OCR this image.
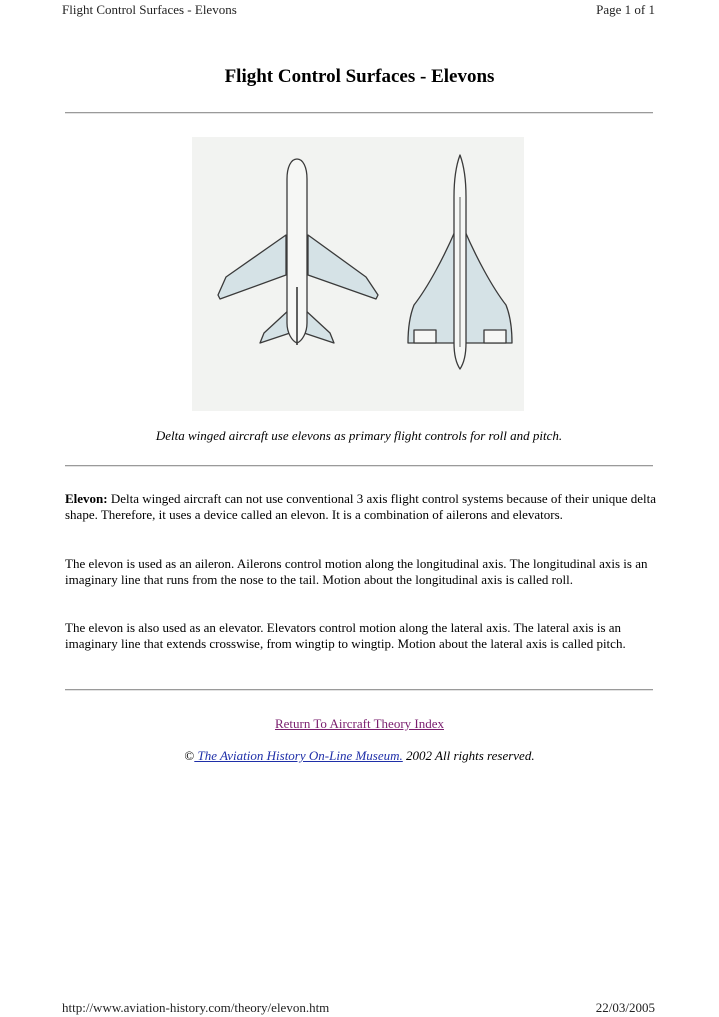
Flight Control Surfaces - Elevons	Page 1 of 1
Flight Control Surfaces - Elevons

Delta winged aircraft use elevons as primary flight controls for roll and pitch.

Elevon: Delta winged aircraft can not use conventional 3 axis flight control systems because of their unique delta shape. Therefore, it uses a device called an elevon. It is a combination of ailerons and elevators.

The elevon is used as an aileron. Ailerons control motion along the longitudinal axis. The longitudinal axis is an imaginary line that runs from the nose to the tail. Motion about the longitudinal axis is called roll.

The elevon is also used as an elevator. Elevators control motion along the lateral axis. The lateral axis is an imaginary line that extends crosswise, from wingtip to wingtip. Motion about the lateral axis is called pitch.

Return To Aircraft Theory Index

© The Aviation History On-Line Museum. 2002 All rights reserved.

http://www.aviation-history.com/theory/elevon.htm	22/03/2005
